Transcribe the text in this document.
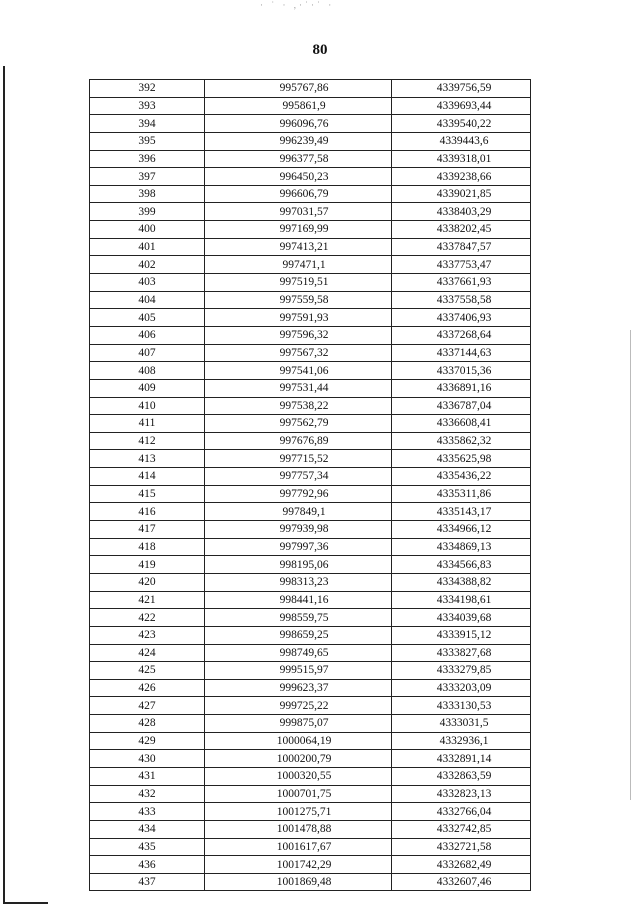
· ˙ · ,·˙·˙ ·
80
392	995767,86	4339756,59
393	995861,9	4339693,44
394	996096,76	4339540,22
395	996239,49	4339443,6
396	996377,58	4339318,01
397	996450,23	4339238,66
398	996606,79	4339021,85
399	997031,57	4338403,29
400	997169,99	4338202,45
401	997413,21	4337847,57
402	997471,1	4337753,47
403	997519,51	4337661,93
404	997559,58	4337558,58
405	997591,93	4337406,93
406	997596,32	4337268,64
407	997567,32	4337144,63
408	997541,06	4337015,36
409	997531,44	4336891,16
410	997538,22	4336787,04
411	997562,79	4336608,41
412	997676,89	4335862,32
413	997715,52	4335625,98
414	997757,34	4335436,22
415	997792,96	4335311,86
416	997849,1	4335143,17
417	997939,98	4334966,12
418	997997,36	4334869,13
419	998195,06	4334566,83
420	998313,23	4334388,82
421	998441,16	4334198,61
422	998559,75	4334039,68
423	998659,25	4333915,12
424	998749,65	4333827,68
425	999515,97	4333279,85
426	999623,37	4333203,09
427	999725,22	4333130,53
428	999875,07	4333031,5
429	1000064,19	4332936,1
430	1000200,79	4332891,14
431	1000320,55	4332863,59
432	1000701,75	4332823,13
433	1001275,71	4332766,04
434	1001478,88	4332742,85
435	1001617,67	4332721,58
436	1001742,29	4332682,49
437	1001869,48	4332607,46
